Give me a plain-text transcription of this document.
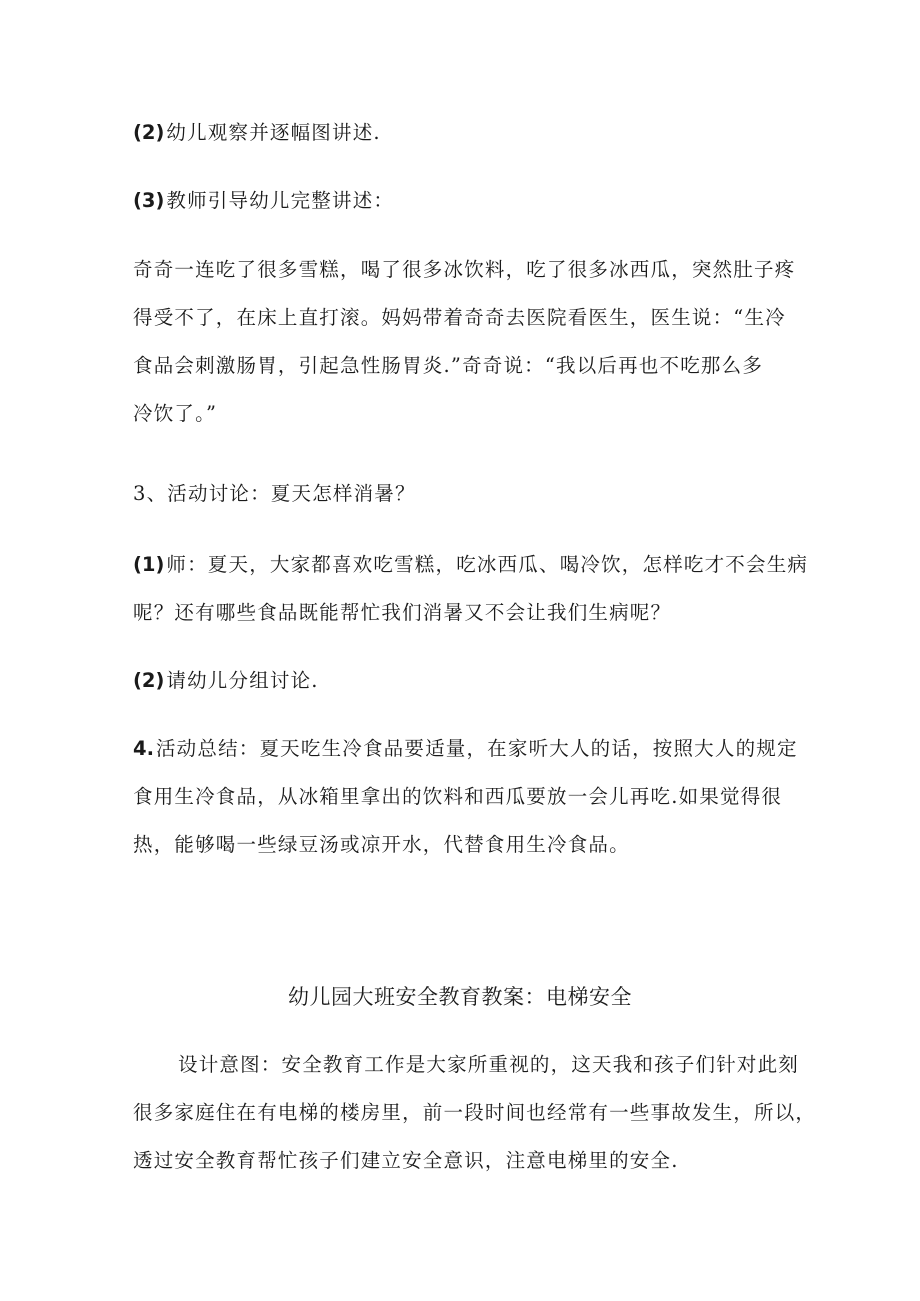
(2) 幼儿观察并逐幅图讲述.
(3) 教师引导幼儿完整讲述：
奇奇一连吃了很多雪糕，喝了很多冰饮料，吃了很多冰西瓜，突然肚子疼
得受不了，在床上直打滚。妈妈带着奇奇去医院看医生，医生说：“生冷
食品会刺激肠胃，引起急性肠胃炎.”奇奇说：“我以后再也不吃那么多
冷饮了。”
3、活动讨论：夏天怎样消暑？
(1) 师：夏天，大家都喜欢吃雪糕，吃冰西瓜、喝冷饮，怎样吃才不会生病
呢？还有哪些食品既能帮忙我们消暑又不会让我们生病呢？
(2) 请幼儿分组讨论.
4. 活动总结：夏天吃生冷食品要适量，在家听大人的话，按照大人的规定
食用生冷食品，从冰箱里拿出的饮料和西瓜要放一会儿再吃.如果觉得很
热，能够喝一些绿豆汤或凉开水，代替食用生冷食品。
幼儿园大班安全教育教案：电梯安全
设计意图：安全教育工作是大家所重视的，这天我和孩子们针对此刻
很多家庭住在有电梯的楼房里，前一段时间也经常有一些事故发生，所以，
透过安全教育帮忙孩子们建立安全意识，注意电梯里的安全.
